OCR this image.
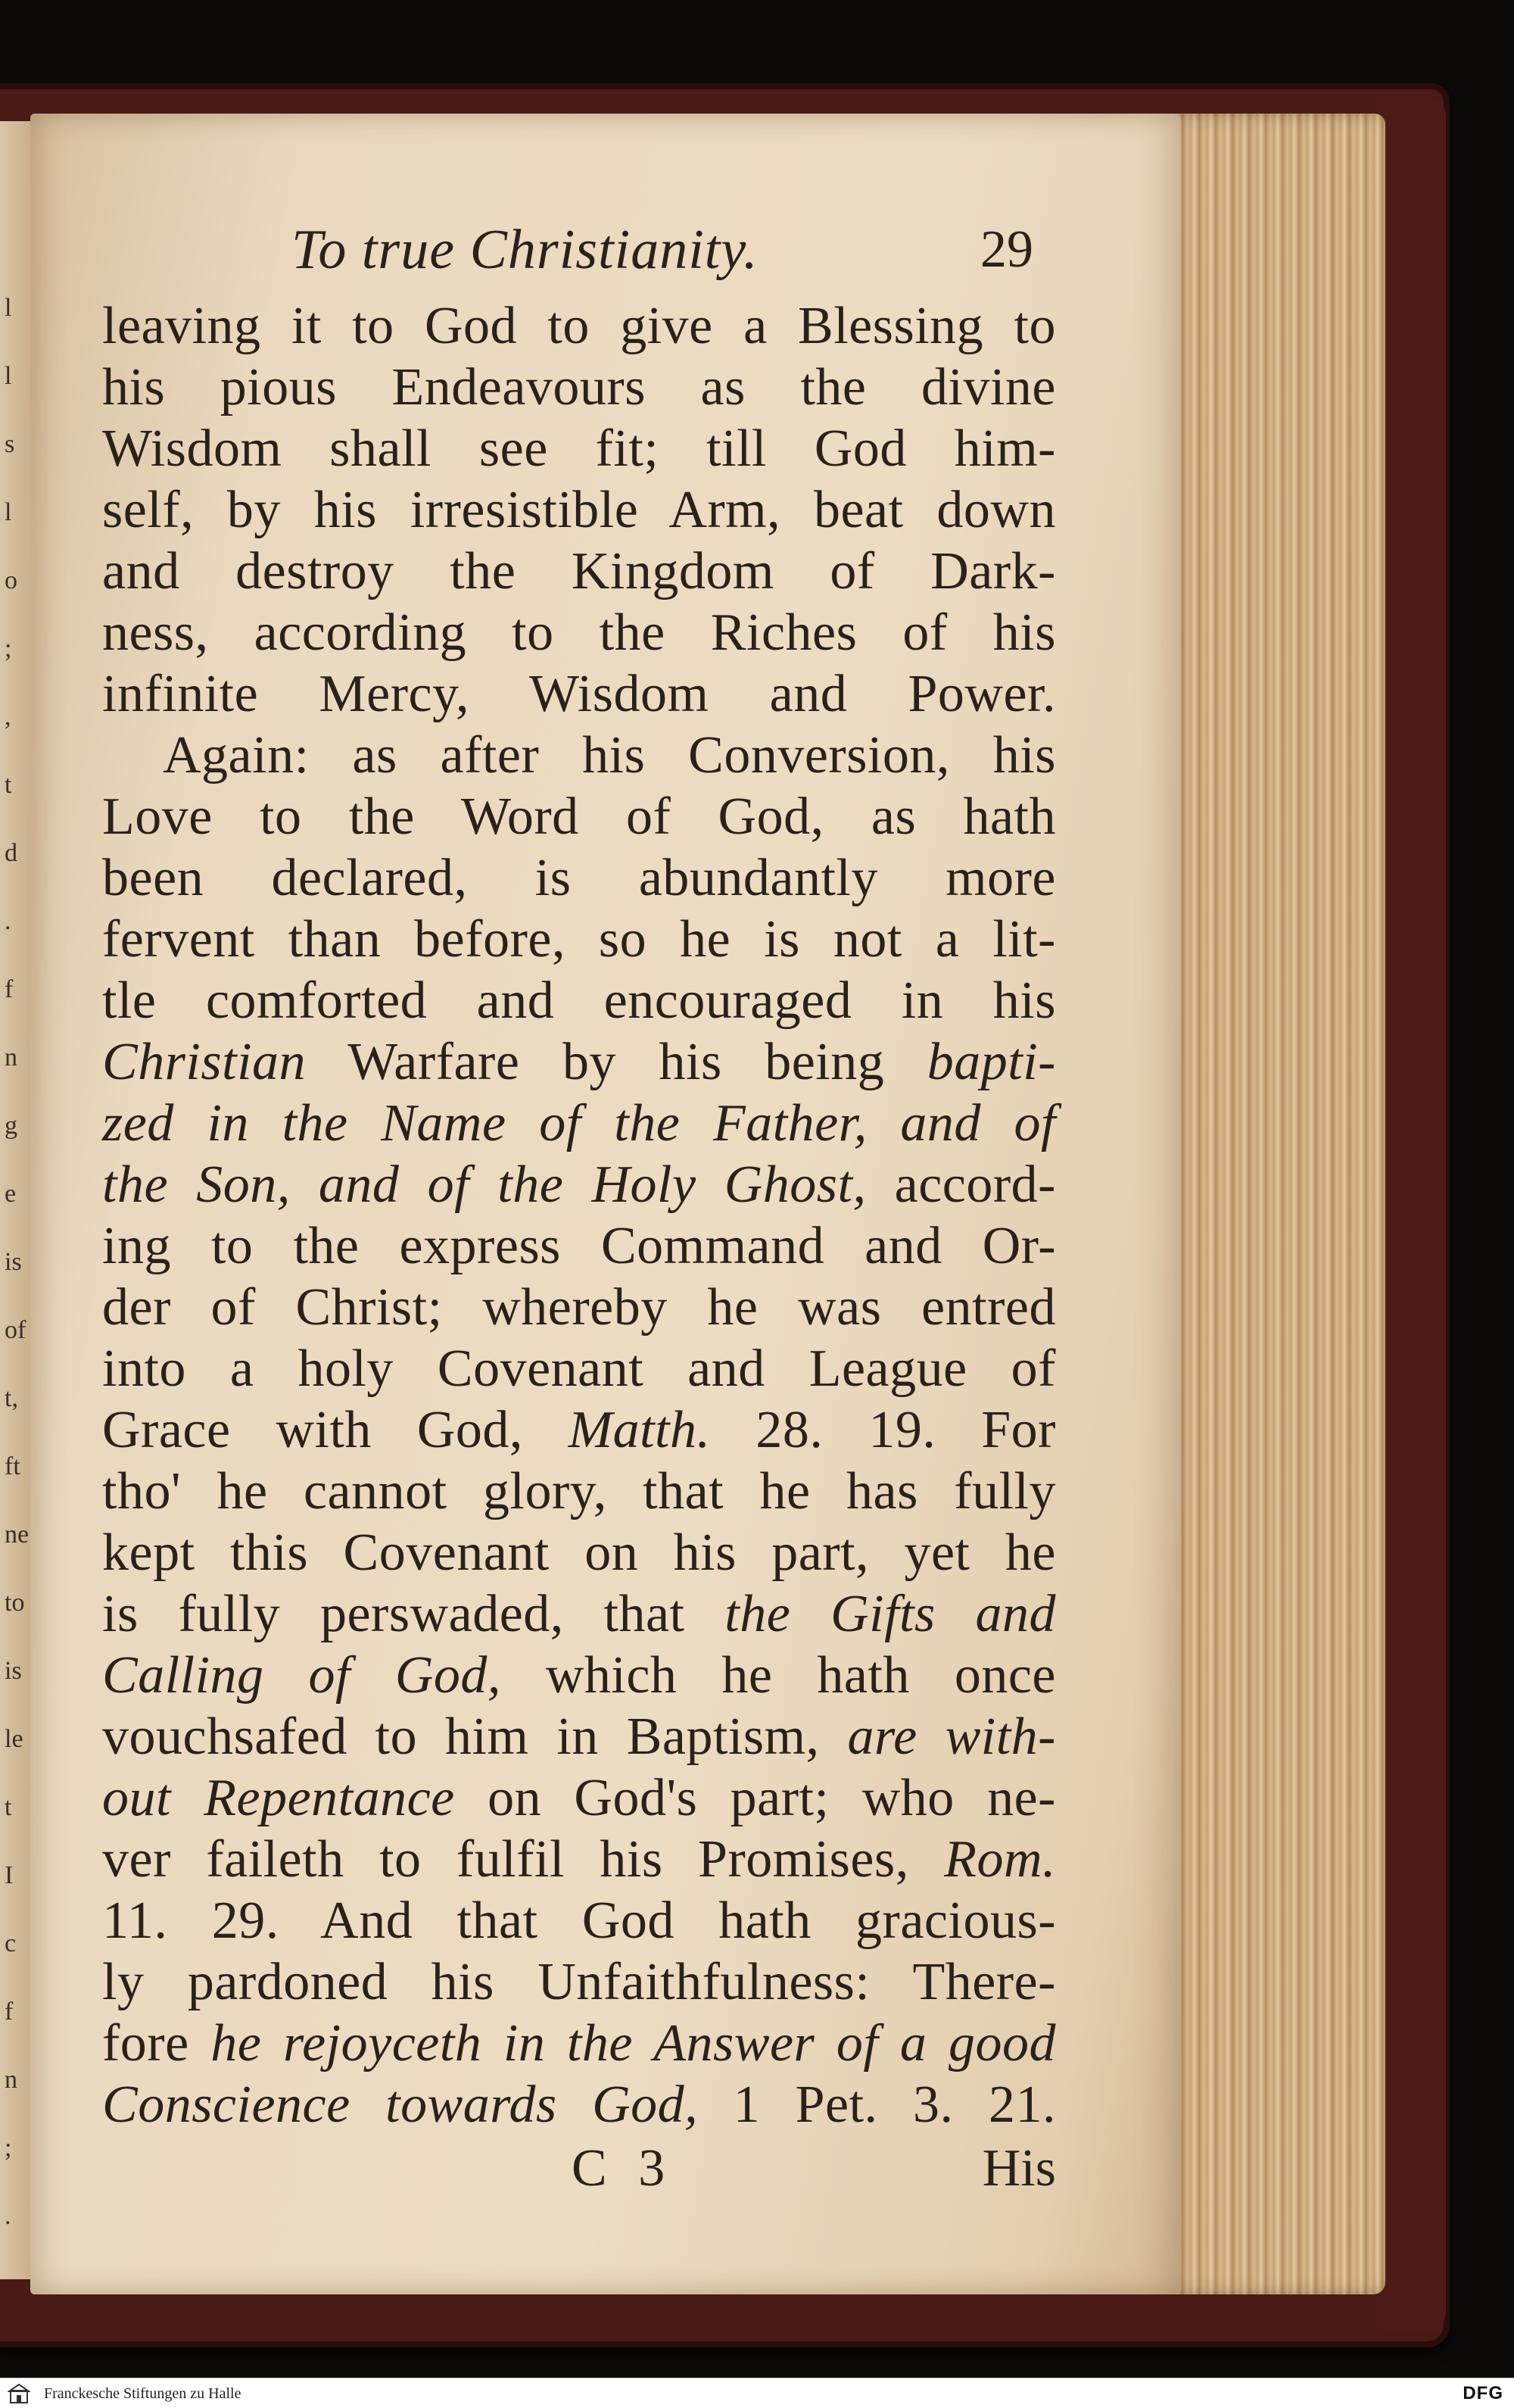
l
l
s
l
o
;
,
t
d
.
f
n
g
e
is
of
t,
ft
ne
to
is
le
t
I
c
f
n
;
.
To true Christianity.	29
leaving it to God to give a Blessing to
his pious Endeavours as the divine
Wisdom shall see fit; till God him-
self, by his irresistible Arm, beat down
and destroy the Kingdom of Dark-
ness, according to the Riches of his
infinite Mercy, Wisdom and Power.
Again: as after his Conversion, his
Love to the Word of God, as hath
been declared, is abundantly more
fervent than before, so he is not a lit-
tle comforted and encouraged in his
Christian Warfare by his being bapti-
zed in the Name of the Father, and of
the Son, and of the Holy Ghost, accord-
ing to the express Command and Or-
der of Christ; whereby he was entred
into a holy Covenant and League of
Grace with God, Matth. 28. 19. For
tho' he cannot glory, that he has fully
kept this Covenant on his part, yet he
is fully perswaded, that the Gifts and
Calling of God, which he hath once
vouchsafed to him in Baptism, are with-
out Repentance on God's part; who ne-
ver faileth to fulfil his Promises, Rom.
11. 29. And that God hath gracious-
ly pardoned his Unfaithfulness: There-
fore he rejoyceth in the Answer of a good
Conscience towards God, 1 Pet. 3. 21.
C 3	His
Franckesche Stiftungen zu Halle	DFG
